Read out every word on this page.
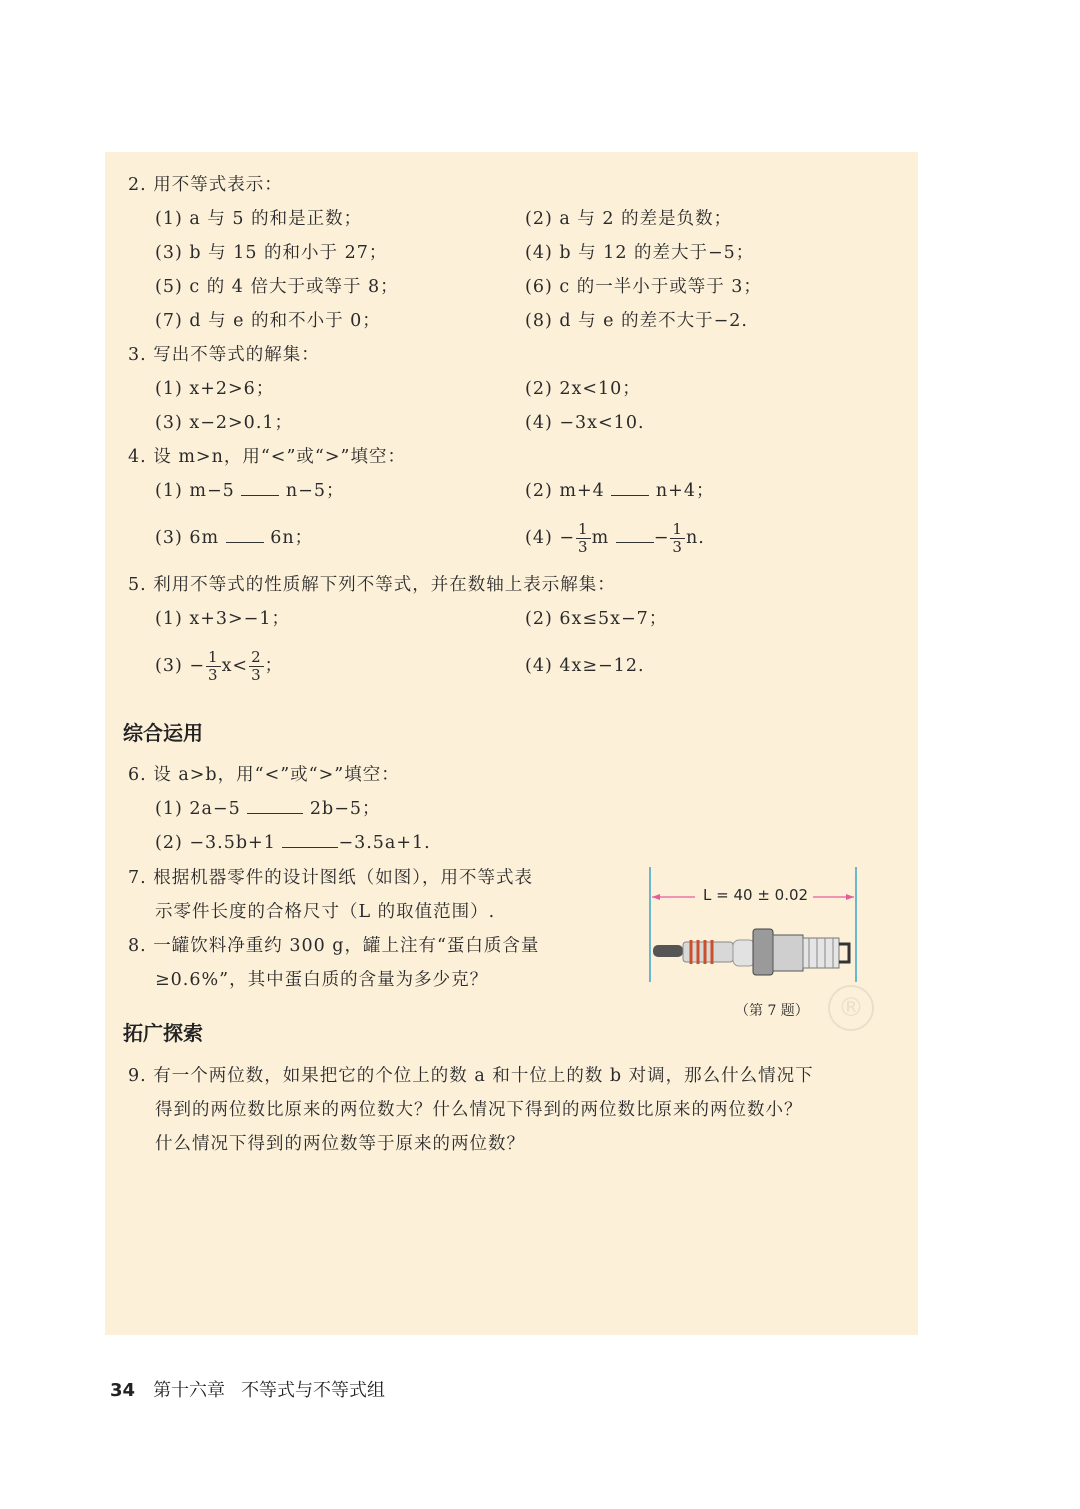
2. 用不等式表示：
(1) a 与 5 的和是正数；	(2) a 与 2 的差是负数；
(3) b 与 15 的和小于 27；	(4) b 与 12 的差大于−5；
(5) c 的 4 倍大于或等于 8；	(6) c 的一半小于或等于 3；
(7) d 与 e 的和不小于 0；	(8) d 与 e 的差不大于−2.
3. 写出不等式的解集：
(1) x+2>6；	(2) 2x<10；
(3) x−2>0.1；	(4) −3x<10.
4. 设 m>n，用“<”或“>”填空：
(1) m−5	n−5；	(2) m+4	n+4；
(3) 6m	6n；	$(4) - \frac{1}{3}$ m	− $\frac{1}{3} n$.
5. 利用不等式的性质解下列不等式，并在数轴上表示解集：
(1) x+3>−1；	(2) 6x≤5x−7；
$(3) - \frac{1}{3} x< \frac{2}{3}$ ；	(4) 4x≥−12.
综合运用
6. 设 a>b，用“<”或“>”填空：
(1) 2a−5	2b−5；
(2) −3.5b+1	−3.5a+1.
7. 根据机器零件的设计图纸（如图），用不等式表
示零件长度的合格尺寸（L 的取值范围）.
8. 一罐饮料净重约 300 g，罐上注有“蛋白质含量
≥0.6%”，其中蛋白质的含量为多少克？
L = 40 ± 0.02
（第 7 题）	®
拓广探索
9. 有一个两位数，如果把它的个位上的数 a 和十位上的数 b 对调，那么什么情况下
得到的两位数比原来的两位数大？什么情况下得到的两位数比原来的两位数小？
什么情况下得到的两位数等于原来的两位数？
34 第十六章 不等式与不等式组
